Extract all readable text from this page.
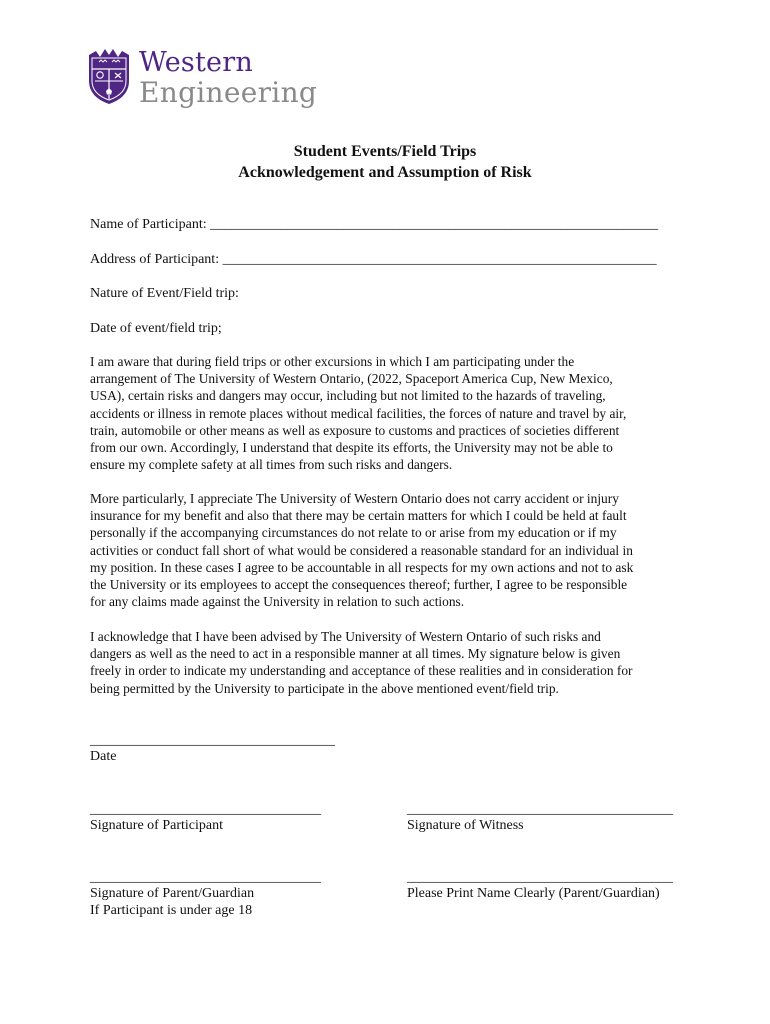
Western
Engineering
Student Events/Field Trips
Acknowledgement and Assumption of Risk
Name of Participant: ________________________________________________________________
Address of Participant: ______________________________________________________________
Nature of Event/Field trip:
Date of event/field trip;
I am aware that during field trips or other excursions in which I am participating under the
arrangement of The University of Western Ontario, (2022, Spaceport America Cup, New Mexico,
USA), certain risks and dangers may occur, including but not limited to the hazards of traveling,
accidents or illness in remote places without medical facilities, the forces of nature and travel by air,
train, automobile or other means as well as exposure to customs and practices of societies different
from our own. Accordingly, I understand that despite its efforts, the University may not be able to
ensure my complete safety at all times from such risks and dangers.
More particularly, I appreciate The University of Western Ontario does not carry accident or injury
insurance for my benefit and also that there may be certain matters for which I could be held at fault
personally if the accompanying circumstances do not relate to or arise from my education or if my
activities or conduct fall short of what would be considered a reasonable standard for an individual in
my position. In these cases I agree to be accountable in all respects for my own actions and not to ask
the University or its employees to accept the consequences thereof; further, I agree to be responsible
for any claims made against the University in relation to such actions.
I acknowledge that I have been advised by The University of Western Ontario of such risks and
dangers as well as the need to act in a responsible manner at all times. My signature below is given
freely in order to indicate my understanding and acceptance of these realities and in consideration for
being permitted by the University to participate in the above mentioned event/field trip.
___________________________________
Date
_________________________________
Signature of Participant
______________________________________
Signature of Witness
_________________________________
Signature of Parent/Guardian
If Participant is under age 18
______________________________________
Please Print Name Clearly (Parent/Guardian)
